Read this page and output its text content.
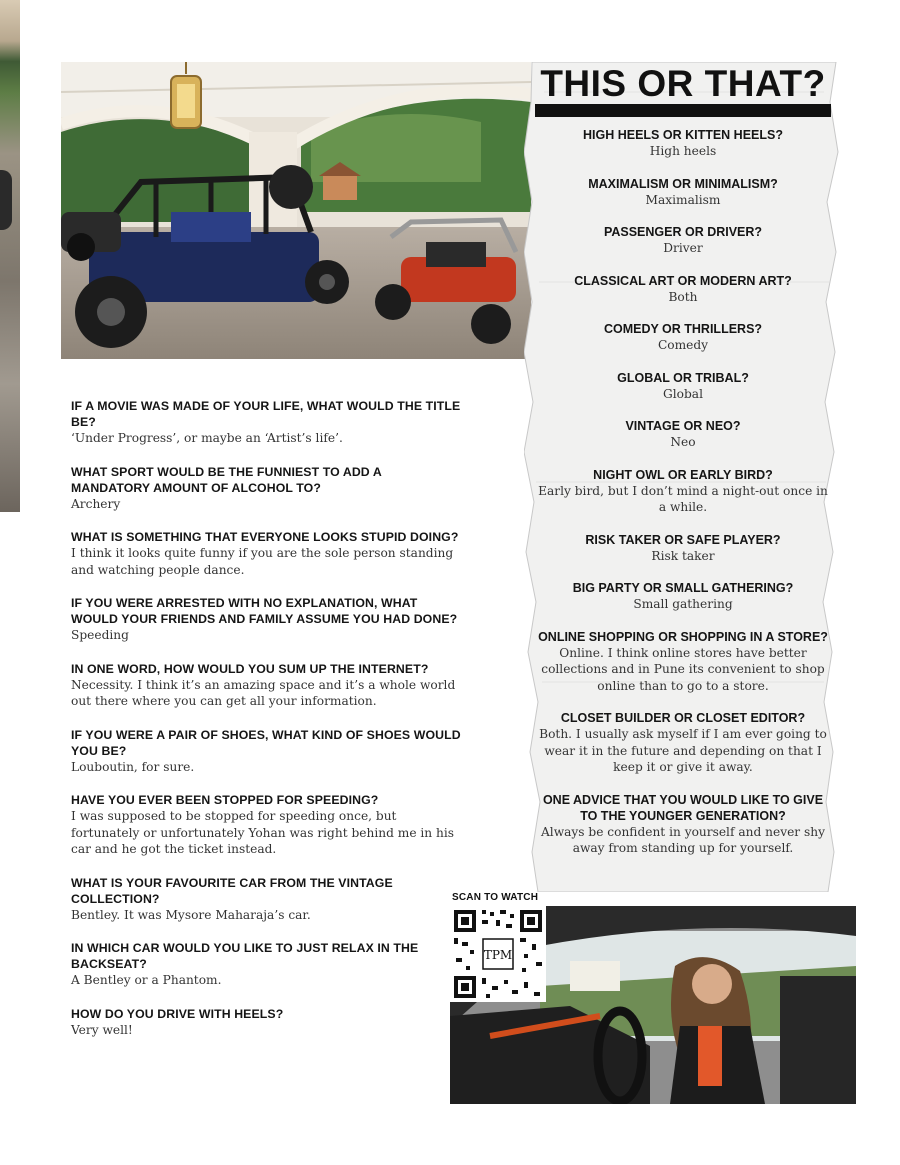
THIS OR THAT?
HIGH HEELS OR KITTEN HEELS?
High heels
MAXIMALISM OR MINIMALISM?
Maximalism
PASSENGER OR DRIVER?
Driver
CLASSICAL ART OR MODERN ART?
Both
COMEDY OR THRILLERS?
Comedy
GLOBAL OR TRIBAL?
Global
VINTAGE OR NEO?
Neo
NIGHT OWL OR EARLY BIRD?
Early bird, but I don’t mind a night-out once in a while.
RISK TAKER OR SAFE PLAYER?
Risk taker
BIG PARTY OR SMALL GATHERING?
Small gathering
ONLINE SHOPPING OR SHOPPING IN A STORE?
Online. I think online stores have better collections and in Pune its convenient to shop online than to go to a store.
CLOSET BUILDER OR CLOSET EDITOR?
Both. I usually ask myself if I am ever going to wear it in the future and depending on that I keep it or give it away.
ONE ADVICE THAT YOU WOULD LIKE TO GIVE TO THE YOUNGER GENERATION?
Always be confident in yourself and never shy away from standing up for yourself.
IF A MOVIE WAS MADE OF YOUR LIFE, WHAT WOULD THE TITLE BE?
‘Under Progress’, or maybe an ‘Artist’s life’.
WHAT SPORT WOULD BE THE FUNNIEST TO ADD A MANDATORY AMOUNT OF ALCOHOL TO?
Archery
WHAT IS SOMETHING THAT EVERYONE LOOKS STUPID DOING?
I think it looks quite funny if you are the sole person standing and watching people dance.
IF YOU WERE ARRESTED WITH NO EXPLANATION, WHAT WOULD YOUR FRIENDS AND FAMILY ASSUME YOU HAD DONE?
Speeding
IN ONE WORD, HOW WOULD YOU SUM UP THE INTERNET?
Necessity. I think it’s an amazing space and it’s a whole world out there where you can get all your information.
IF YOU WERE A PAIR OF SHOES, WHAT KIND OF SHOES WOULD YOU BE?
Louboutin, for sure.
HAVE YOU EVER BEEN STOPPED FOR SPEEDING?
I was supposed to be stopped for speeding once, but fortunately or unfortunately Yohan was right behind me in his car and he got the ticket instead.
WHAT IS YOUR FAVOURITE CAR FROM THE VINTAGE COLLECTION?
Bentley. It was Mysore Maharaja’s car.
IN WHICH CAR WOULD YOU LIKE TO JUST RELAX IN THE BACKSEAT?
A Bentley or a Phantom.
HOW DO YOU DRIVE WITH HEELS?
Very well!
SCAN TO WATCH
TPM
